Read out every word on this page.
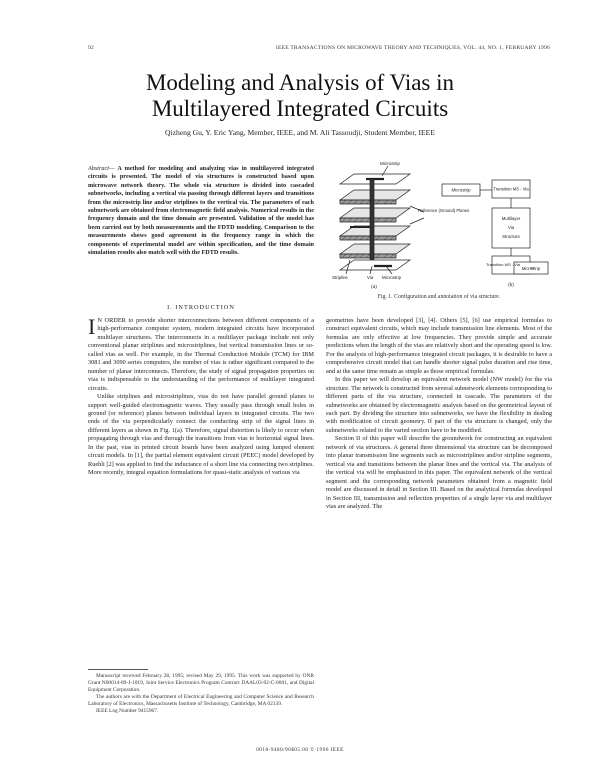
92	IEEE TRANSACTIONS ON MICROWAVE THEORY AND TECHNIQUES, VOL. 44, NO. 1, FEBRUARY 1996
Modeling and Analysis of Vias in
Multilayered Integrated Circuits
Qizheng Gu, Y. Eric Yang, Member, IEEE, and M. Ali Tassoudji, Student Member, IEEE
Abstract— A method for modeling and analyzing vias in multilayered integrated circuits is presented. The model of via structures is constructed based upon microwave network theory. The whole via structure is divided into cascaded subnetworks, including a vertical via passing through different layers and transitions from the microstrip line and/or striplines to the vertical via. The parameters of each subnetwork are obtained from electromagnetic field analysis. Numerical results in the frequency domain and the time domain are presented. Validation of the model has been carried out by both measurements and the FDTD modeling. Comparison to the measurements shows good agreement in the frequency range in which the components of experimental model are within specification, and the time domain simulation results also match well with the FDTD results.
I. INTRODUCTION

I N ORDER to provide shorter interconnections between different components of a high-performance computer system, modern integrated circuits have incorporated multilayer structures. The interconnects in a multilayer package include not only conventional planar striplines and microstriplines, but vertical transmission lines or so-called vias as well. For example, in the Thermal Conduction Module (TCM) for IBM 3081 and 3090 series computers, the number of vias is rather significant compared to the number of planar interconnects. Therefore, the study of signal propagation properties on vias is indispensable to the understanding of the performance of multilayer integrated circuits.

Unlike striplines and microstriplines, vias do not have parallel ground planes to support well-guided electromagnetic waves. They usually pass through small holes in ground (or reference) planes between individual layers in integrated circuits. The two ends of the via perpendicularly connect the conducting strip of the signal lines in different layers as shown in Fig. 1(a). Therefore, signal distortion is likely to occur when propagating through vias and through the transitions from vias to horizontal signal lines. In the past, vias in printed circuit boards have been analyzed using lumped element circuit models. In [1], the partial element equivalent circuit (PEEC) model developed by Ruehli [2] was applied to find the inductance of a short line via connecting two striplines. More recently, integral equation formulations for quasi-static analysis of various via

Manuscript received February 28, 1995; revised May 29, 1995. This work was supported by ONR Grant N00014-89-J-1019, Joint Service Electronics Program Contract DAAL03-92-C-0001, and Digital Equipment Corporation.

The authors are with the Department of Electrical Engineering and Computer Science and Research Laboratory of Electronics, Massachusetts Institute of Technology, Cambridge, MA 02139.

IEEE Log Number 9415967.

Microstrip
Reference (Ground) Planes
Stripline	Via Microstrip
(a)
Microstrip	Transition MS - Via
Multilayer
Via
Structure
Transition MS - Via
Microstrip
(b)
Fig. 1. Configuration and annotation of via structure.

geometries have been developed [3], [4]. Others [5], [6] use empirical formulas to construct equivalent circuits, which may include transmission line elements. Most of the formulas are only effective at low frequencies. They provide simple and accurate predictions when the length of the vias are relatively short and the operating speed is low. For the analysis of high-performance integrated circuit packages, it is desirable to have a comprehensive circuit model that can handle shorter signal pulse duration and rise time, and at the same time remain as simple as those empirical formulas.

In this paper we will develop an equivalent network model (NW model) for the via structure. The network is constructed from several subnetwork elements corresponding to different parts of the via structure, connected in cascade. The parameters of the subnetworks are obtained by electromagnetic analysis based on the geometrical layout of each part. By dividing the structure into subnetworks, we have the flexibility in dealing with modification of circuit geometry. If part of the via structure is changed, only the subnetworks related to the varied section have to be modified.

Section II of this paper will describe the groundwork for constructing an equivalent network of via structures. A general three dimensional via structure can be decomposed into planar transmission line segments such as microstriplines and/or stripline segments, vertical via and transitions between the planar lines and the vertical via. The analysis of the vertical via will be emphasized in this paper. The equivalent network of the vertical segment and the corresponding network parameters obtained from a magnetic field model are discussed in detail in Section III. Based on the analytical formulas developed in Section III, transmission and reflection properties of a single layer via and multilayer vias are analyzed. The

0018-9480/96$05.00 © 1996 IEEE
